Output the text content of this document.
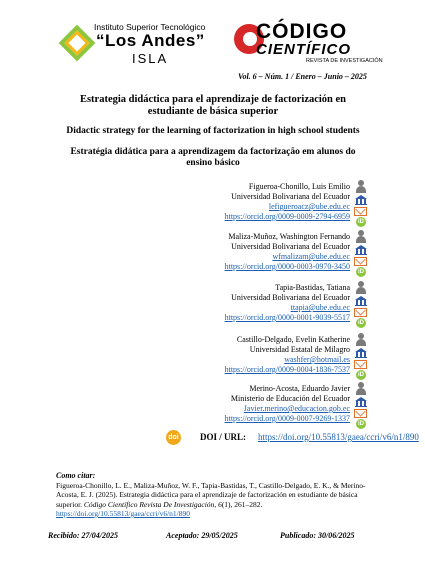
Instituto Superior Tecnológico
“Los Andes”
ISLA
CÓDIGO
CIENTÍFICO
REVISTA DE INVESTIGACIÓN
Vol. 6 – Núm. 1 / Enero – Junio – 2025
Estrategia didáctica para el aprendizaje de factorización en estudiante de básica superior
Didactic strategy for the learning of factorization in high school students
Estratégia didática para a aprendizagem da factorização em alunos do ensino básico
Figueroa-Chonillo, Luis Emilio
Universidad Bolivariana del Ecuador
lefigueroacz@ube.edu.ec
https://orcid.org/0009-0009-2794-6959
iD
Maliza-Muñoz, Washington Fernando
Universidad Bolivariana del Ecuador
wfmalizam@ube.edu.ec
https://orcid.org/0000-0003-0970-3450
iD
Tapia-Bastidas, Tatiana
Universidad Bolivariana del Ecuador
ttapia@ube.edu.ec
https://orcid.org/0000-0001-9039-5517
iD
Castillo-Delgado, Evelin Katherine
Universidad Estatal de Milagro
washfer@hotmail.es
https://orcid.org/0009-0004-1836-7537
iD
Merino-Acosta, Eduardo Javier
Ministerio de Educación del Ecuador
Javier.merino@educacion.gob.ec
https://orcid.org/0009-0007-9269-1337
iD
doi DOI / URL: https://doi.org/10.55813/gaea/ccri/v6/n1/890
Como citar:
Figueroa-Chonillo, L. E., Maliza-Muñoz, W. F., Tapia-Bastidas, T., Castillo-Delgado, E. K., & Merino-Acosta, E. J. (2025). Estrategia didáctica para el aprendizaje de factorización en estudiante de básica superior. Código Científico Revista De Investigación, 6(1), 261–282. https://doi.org/10.55813/gaea/ccri/v6/n1/890
Recibido: 27/04/2025	Aceptado: 29/05/2025	Publicado: 30/06/2025
